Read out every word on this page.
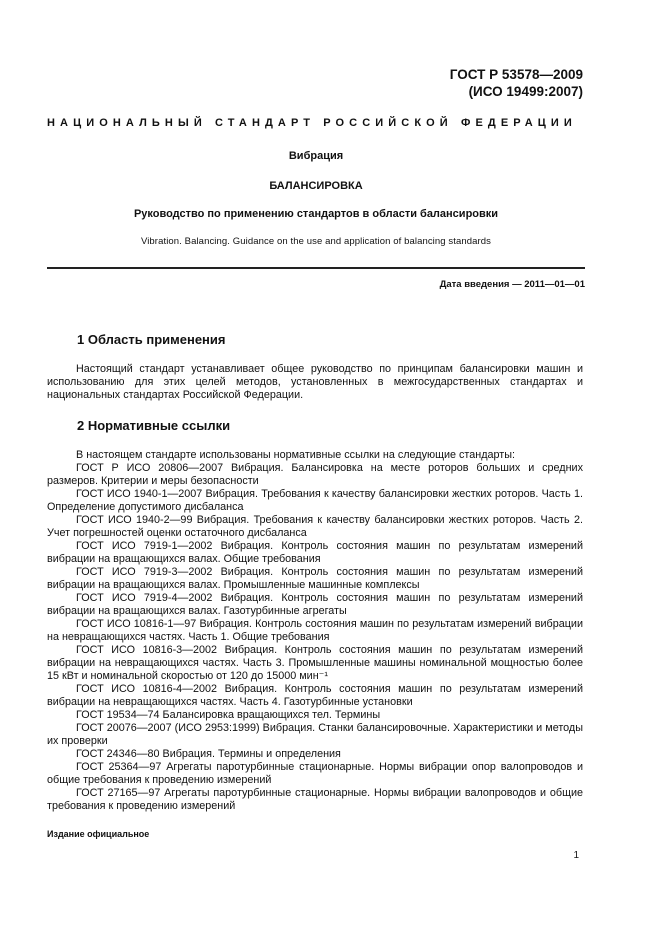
ГОСТ Р 53578—2009
(ИСО 19499:2007)
НАЦИОНАЛЬНЫЙ СТАНДАРТ РОССИЙСКОЙ ФЕДЕРАЦИИ
Вибрация
БАЛАНСИРОВКА
Руководство по применению стандартов в области балансировки
Vibration. Balancing. Guidance on the use and application of balancing standards
Дата введения — 2011—01—01
1 Область применения
Настоящий стандарт устанавливает общее руководство по принципам балансировки машин и использованию для этих целей методов, установленных в межгосударственных стандартах и национальных стандартах Российской Федерации.
2 Нормативные ссылки

В настоящем стандарте использованы нормативные ссылки на следующие стандарты:

ГОСТ Р ИСО 20806—2007 Вибрация. Балансировка на месте роторов больших и средних размеров. Критерии и меры безопасности

ГОСТ ИСО 1940-1—2007 Вибрация. Требования к качеству балансировки жестких роторов. Часть 1. Определение допустимого дисбаланса

ГОСТ ИСО 1940-2—99 Вибрация. Требования к качеству балансировки жестких роторов. Часть 2. Учет погрешностей оценки остаточного дисбаланса

ГОСТ ИСО 7919-1—2002 Вибрация. Контроль состояния машин по результатам измерений вибрации на вращающихся валах. Общие требования

ГОСТ ИСО 7919-3—2002 Вибрация. Контроль состояния машин по результатам измерений вибрации на вращающихся валах. Промышленные машинные комплексы

ГОСТ ИСО 7919-4—2002 Вибрация. Контроль состояния машин по результатам измерений вибрации на вращающихся валах. Газотурбинные агрегаты

ГОСТ ИСО 10816-1—97 Вибрация. Контроль состояния машин по результатам измерений вибрации на невращающихся частях. Часть 1. Общие требования

ГОСТ ИСО 10816-3—2002 Вибрация. Контроль состояния машин по результатам измерений вибрации на невращающихся частях. Часть 3. Промышленные машины номинальной мощностью более 15 кВт и номинальной скоростью от 120 до 15000 мин⁻¹

ГОСТ ИСО 10816-4—2002 Вибрация. Контроль состояния машин по результатам измерений вибрации на невращающихся частях. Часть 4. Газотурбинные установки

ГОСТ 19534—74 Балансировка вращающихся тел. Термины

ГОСТ 20076—2007 (ИСО 2953:1999) Вибрация. Станки балансировочные. Характеристики и методы их проверки

ГОСТ 24346—80 Вибрация. Термины и определения

ГОСТ 25364—97 Агрегаты паротурбинные стационарные. Нормы вибрации опор валопроводов и общие требования к проведению измерений

ГОСТ 27165—97 Агрегаты паротурбинные стационарные. Нормы вибрации валопроводов и общие требования к проведению измерений

Издание официальное
1
